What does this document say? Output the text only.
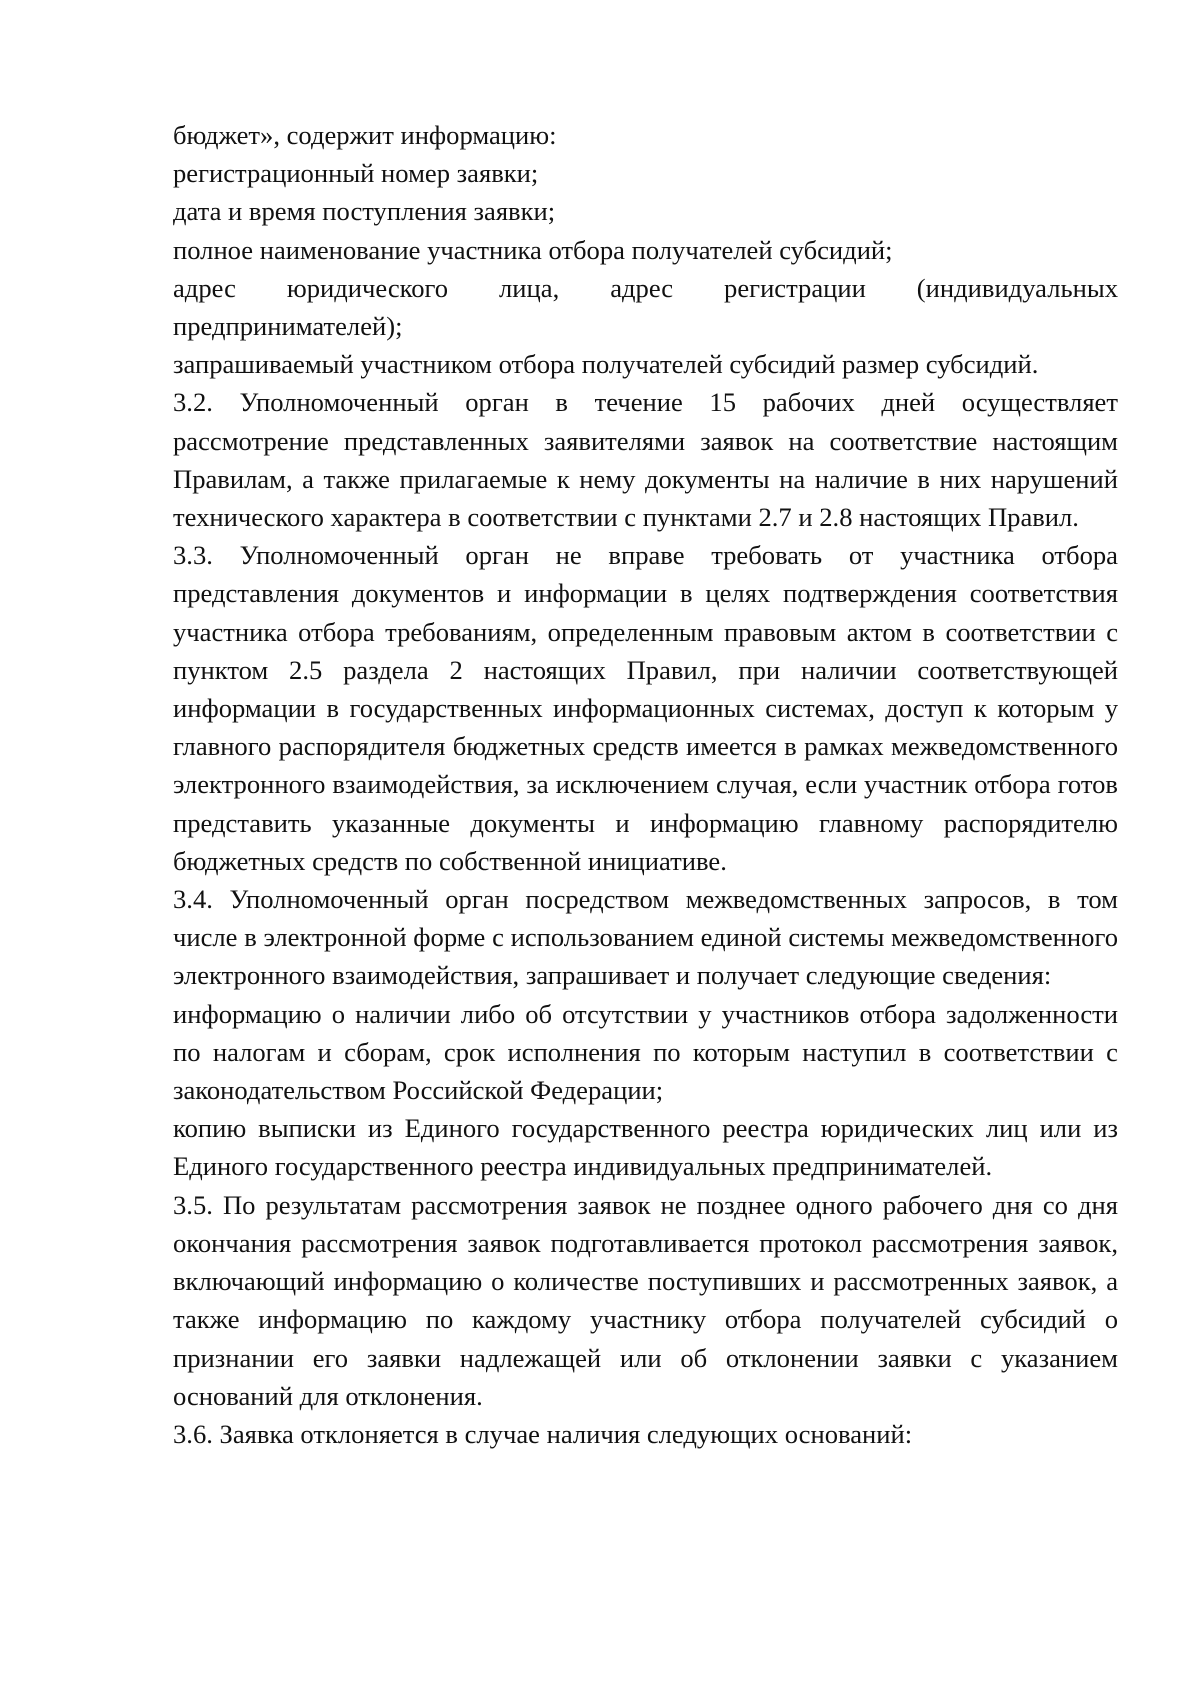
бюджет», содержит информацию:

регистрационный номер заявки;

дата и время поступления заявки;

полное наименование участника отбора получателей субсидий;

адрес юридического лица, адрес регистрации (индивидуальных предпринимателей);

запрашиваемый участником отбора получателей субсидий размер субсидий.

3.2. Уполномоченный орган в течение 15 рабочих дней осуществляет рассмотрение представленных заявителями заявок на соответствие настоящим Правилам, а также прилагаемые к нему документы на наличие в них нарушений технического характера в соответствии с пунктами 2.7 и 2.8 настоящих Правил.

3.3. Уполномоченный орган не вправе требовать от участника отбора представления документов и информации в целях подтверждения соответствия участника отбора требованиям, определенным правовым актом в соответствии с пунктом 2.5 раздела 2 настоящих Правил, при наличии соответствующей информации в государственных информационных системах, доступ к которым у главного распорядителя бюджетных средств имеется в рамках межведомственного электронного взаимодействия, за исключением случая, если участник отбора готов представить указанные документы и информацию главному распорядителю бюджетных средств по собственной инициативе.

3.4. Уполномоченный орган посредством межведомственных запросов, в том числе в электронной форме с использованием единой системы межведомственного электронного взаимодействия, запрашивает и получает следующие сведения:

информацию о наличии либо об отсутствии у участников отбора задолженности по налогам и сборам, срок исполнения по которым наступил в соответствии с законодательством Российской Федерации;

копию выписки из Единого государственного реестра юридических лиц или из Единого государственного реестра индивидуальных предпринимателей.

3.5. По результатам рассмотрения заявок не позднее одного рабочего дня со дня окончания рассмотрения заявок подготавливается протокол рассмотрения заявок, включающий информацию о количестве поступивших и рассмотренных заявок, а также информацию по каждому участнику отбора получателей субсидий о признании его заявки надлежащей или об отклонении заявки с указанием оснований для отклонения.

3.6. Заявка отклоняется в случае наличия следующих оснований:
